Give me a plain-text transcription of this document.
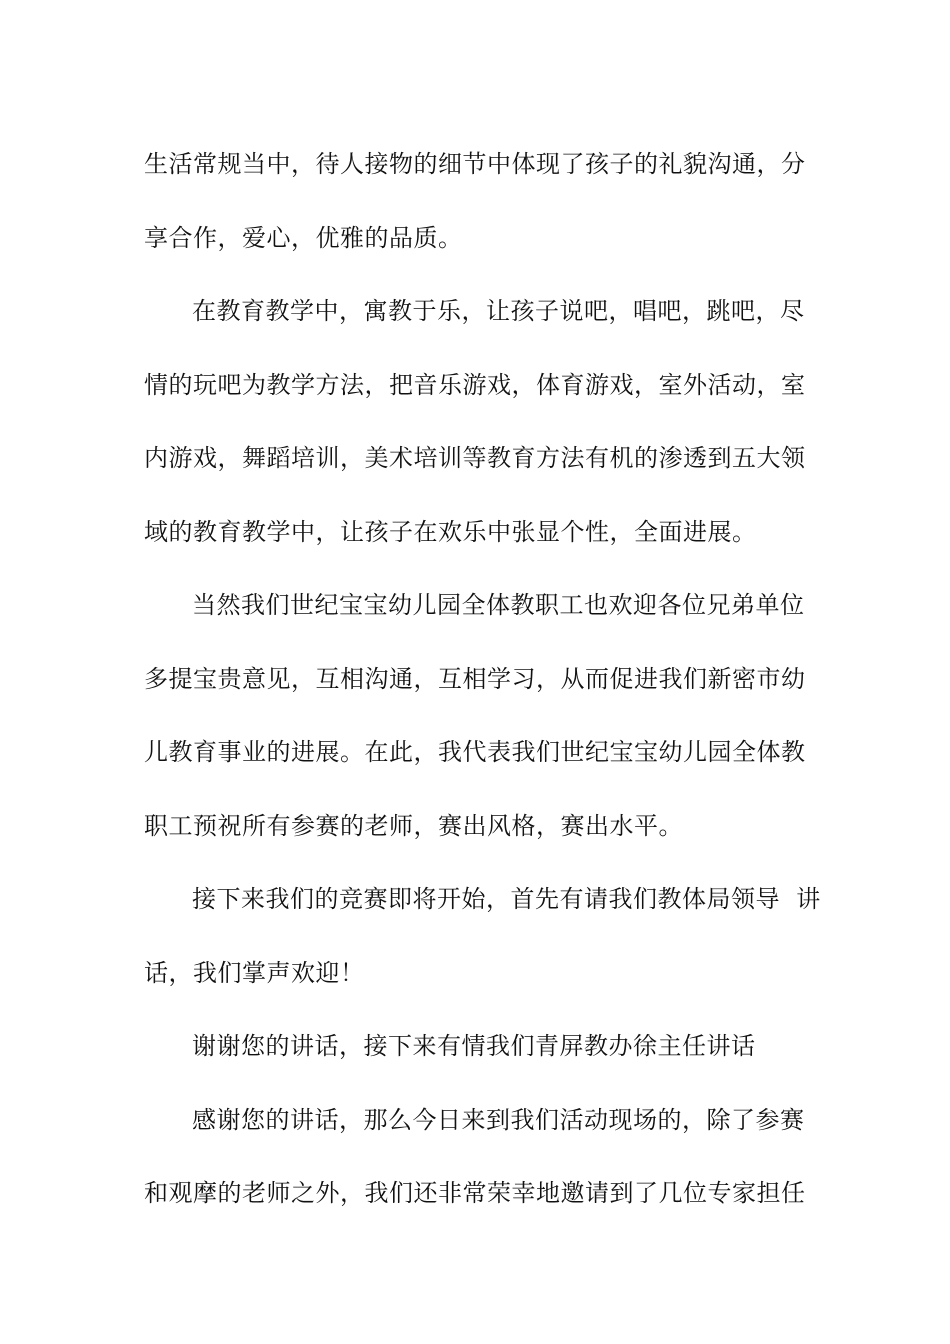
生活常规当中，待人接物的细节中体现了孩子的礼貌沟通，分
享合作，爱心，优雅的品质。

在教育教学中，寓教于乐，让孩子说吧，唱吧，跳吧，尽
情的玩吧为教学方法，把音乐游戏，体育游戏，室外活动，室
内游戏，舞蹈培训，美术培训等教育方法有机的渗透到五大领
域的教育教学中，让孩子在欢乐中张显个性，全面进展。

当然我们世纪宝宝幼儿园全体教职工也欢迎各位兄弟单位
多提宝贵意见，互相沟通，互相学习，从而促进我们新密市幼
儿教育事业的进展。在此，我代表我们世纪宝宝幼儿园全体教
职工预祝所有参赛的老师，赛出风格，赛出水平。

接下来我们的竞赛即将开始，首先有请我们教体局领导  讲
话，我们掌声欢迎！

谢谢您的讲话，接下来有情我们青屏教办徐主任讲话

感谢您的讲话，那么今日来到我们活动现场的，除了参赛
和观摩的老师之外，我们还非常荣幸地邀请到了几位专家担任
